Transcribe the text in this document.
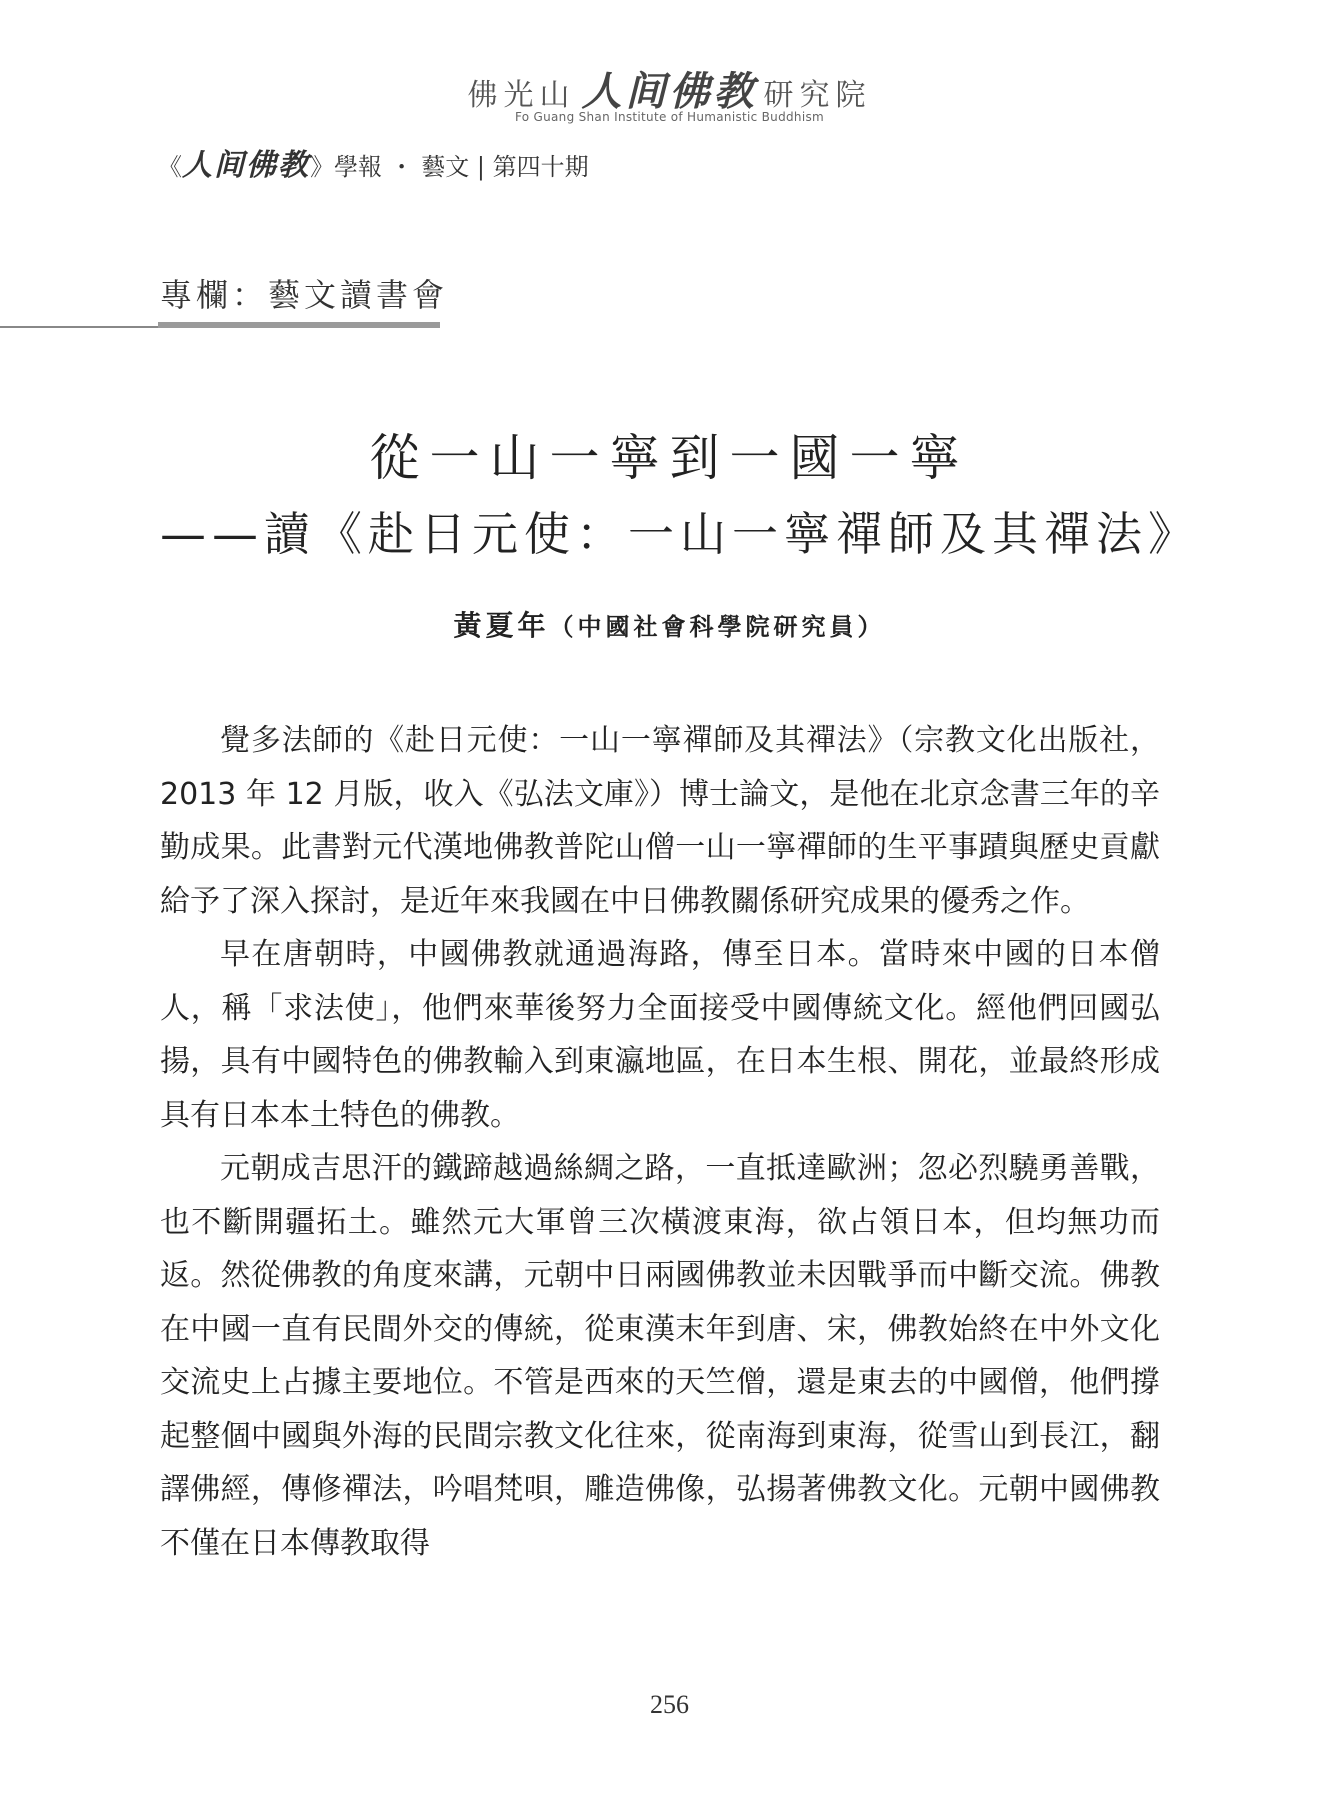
佛光山 人间佛教 研究院
Fo Guang Shan Institute of Humanistic Buddhism
《人间佛教》學報 ・ 藝文 | 第四十期
專欄：藝文讀書會
從一山一寧到一國一寧
——讀《赴日元使：一山一寧禪師及其禪法》
黃夏年（中國社會科學院研究員）

覺多法師的《赴日元使：一山一寧禪師及其禪法》（宗教文化出版社，2013 年 12 月版，收入《弘法文庫》）博士論文，是他在北京念書三年的辛勤成果。此書對元代漢地佛教普陀山僧一山一寧禪師的生平事蹟與歷史貢獻給予了深入探討，是近年來我國在中日佛教關係研究成果的優秀之作。

早在唐朝時，中國佛教就通過海路，傳至日本。當時來中國的日本僧人，稱「求法使」，他們來華後努力全面接受中國傳統文化。經他們回國弘揚，具有中國特色的佛教輸入到東瀛地區，在日本生根、開花，並最終形成具有日本本土特色的佛教。

元朝成吉思汗的鐵蹄越過絲綢之路，一直抵達歐洲；忽必烈驍勇善戰，也不斷開疆拓土。雖然元大軍曾三次橫渡東海，欲占領日本，但均無功而返。然從佛教的角度來講，元朝中日兩國佛教並未因戰爭而中斷交流。佛教在中國一直有民間外交的傳統，從東漢末年到唐、宋，佛教始終在中外文化交流史上占據主要地位。不管是西來的天竺僧，還是東去的中國僧，他們撐起整個中國與外海的民間宗教文化往來，從南海到東海，從雪山到長江，翻譯佛經，傳修禪法，吟唱梵唄，雕造佛像，弘揚著佛教文化。元朝中國佛教不僅在日本傳教取得

256
